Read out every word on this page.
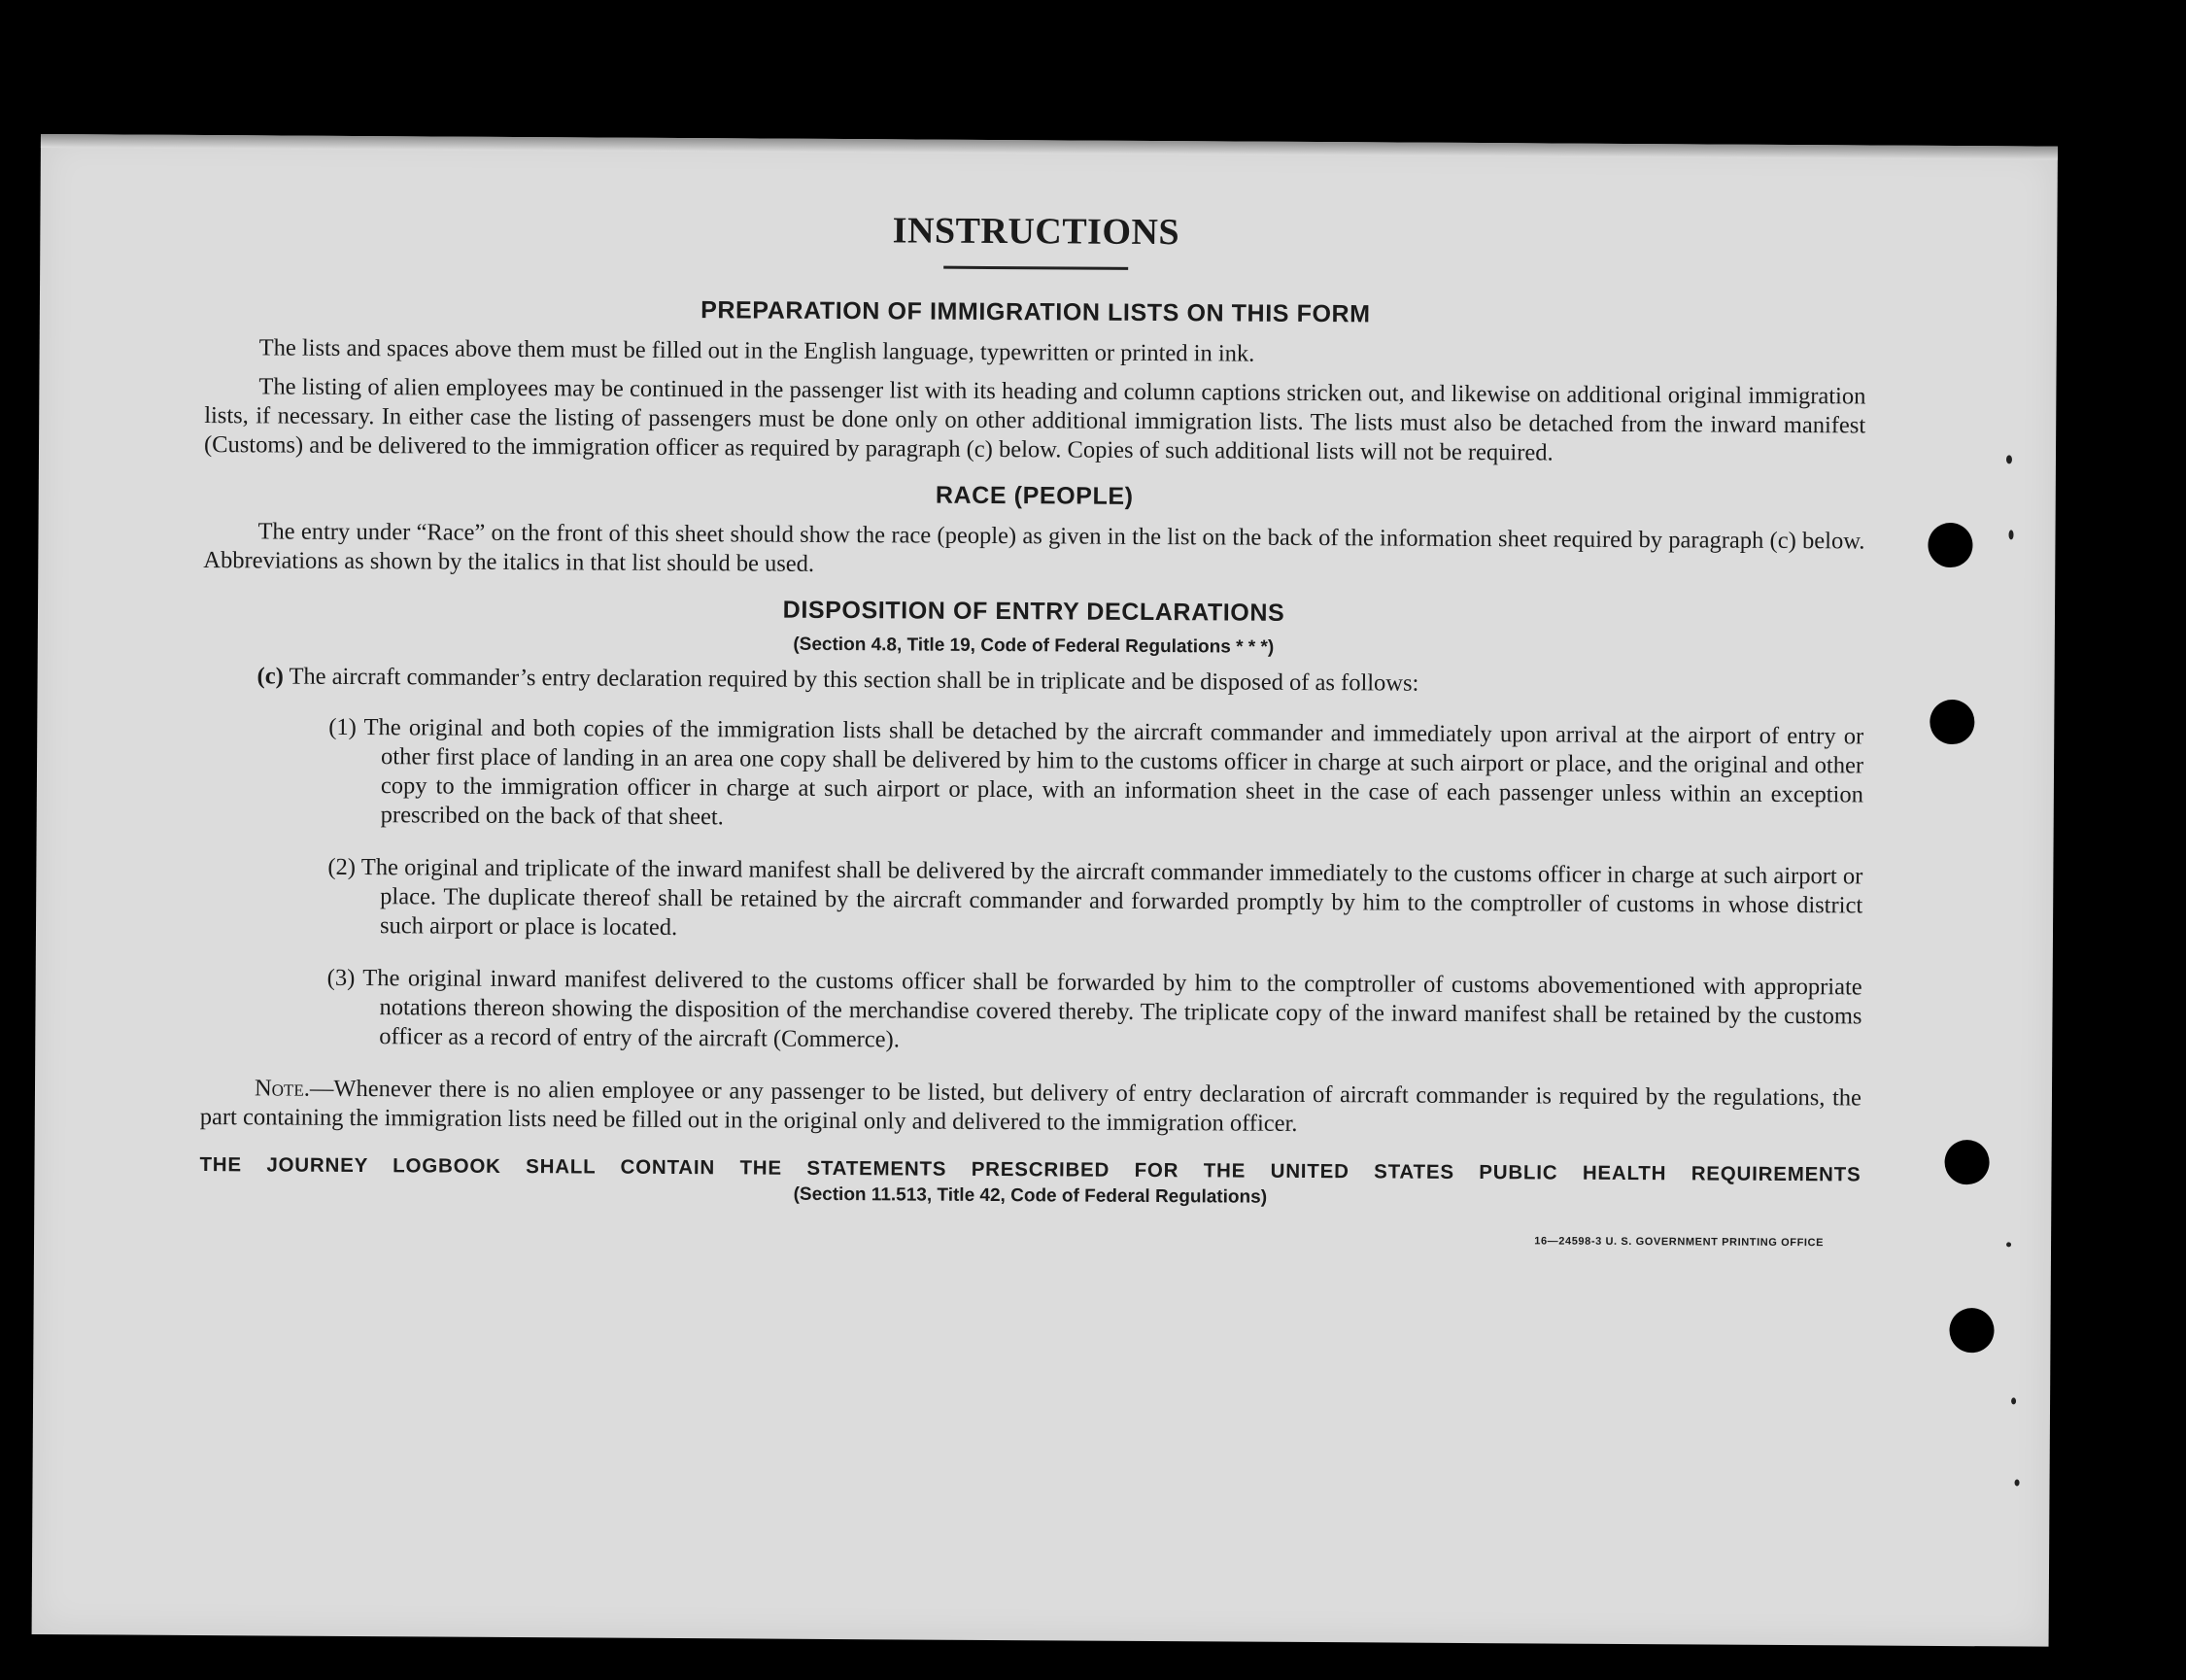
INSTRUCTIONS
PREPARATION OF IMMIGRATION LISTS ON THIS FORM

The lists and spaces above them must be filled out in the English language, typewritten or printed in ink.

The listing of alien employees may be continued in the passenger list with its heading and column captions stricken out, and likewise on additional original immigration lists, if necessary. In either case the listing of passengers must be done only on other additional immigration lists. The lists must also be detached from the inward manifest (Customs) and be delivered to the immigration officer as required by paragraph (c) below. Copies of such additional lists will not be required.

RACE (PEOPLE)

The entry under “Race” on the front of this sheet should show the race (people) as given in the list on the back of the information sheet required by paragraph (c) below. Abbreviations as shown by the italics in that list should be used.

DISPOSITION OF ENTRY DECLARATIONS

(Section 4.8, Title 19, Code of Federal Regulations * * *)

(c) The aircraft commander’s entry declaration required by this section shall be in triplicate and be disposed of as follows:

(1) The original and both copies of the immigration lists shall be detached by the aircraft commander and immediately upon arrival at the airport of entry or other first place of landing in an area one copy shall be delivered by him to the customs officer in charge at such airport or place, and the original and other copy to the immigration officer in charge at such airport or place, with an information sheet in the case of each passenger unless within an exception prescribed on the back of that sheet.

(2) The original and triplicate of the inward manifest shall be delivered by the aircraft commander immediately to the customs officer in charge at such airport or place. The duplicate thereof shall be retained by the aircraft commander and forwarded promptly by him to the comptroller of customs in whose district such airport or place is located.

(3) The original inward manifest delivered to the customs officer shall be forwarded by him to the comptroller of customs abovementioned with appropriate notations thereon showing the disposition of the merchandise covered thereby. The triplicate copy of the inward manifest shall be retained by the customs officer as a record of entry of the aircraft (Commerce).

Note.—Whenever there is no alien employee or any passenger to be listed, but delivery of entry declaration of aircraft commander is required by the regulations, the part containing the immigration lists need be filled out in the original only and delivered to the immigration officer.

THE JOURNEY LOGBOOK SHALL CONTAIN THE STATEMENTS PRESCRIBED FOR THE UNITED STATES PUBLIC HEALTH REQUIREMENTS

(Section 11.513, Title 42, Code of Federal Regulations)

16—24598-3 U. S. GOVERNMENT PRINTING OFFICE
